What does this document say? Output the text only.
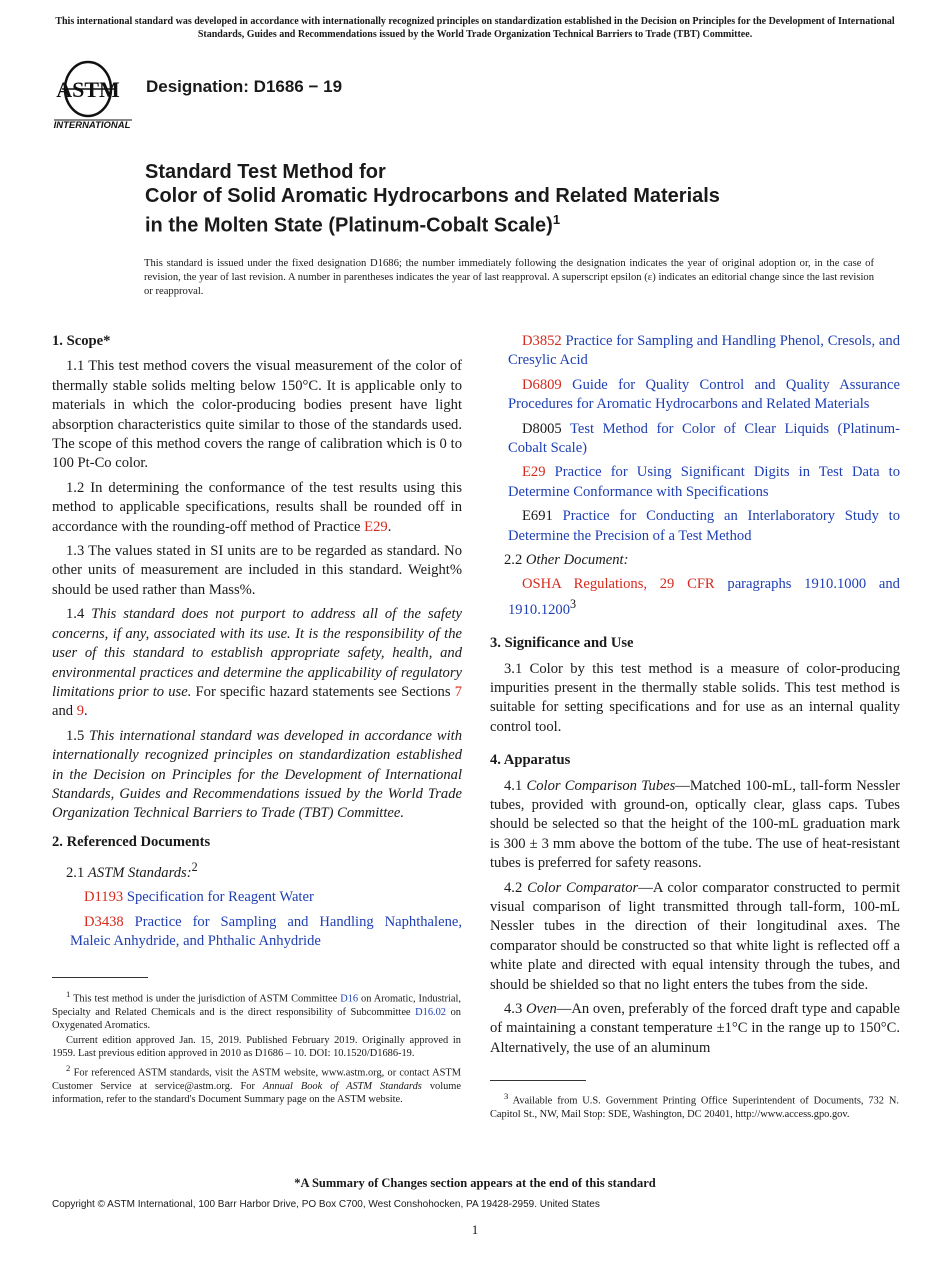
This international standard was developed in accordance with internationally recognized principles on standardization established in the Decision on Principles for the Development of International Standards, Guides and Recommendations issued by the World Trade Organization Technical Barriers to Trade (TBT) Committee.
ASTM
INTERNATIONAL
Designation: D1686 − 19
Standard Test Method for
Color of Solid Aromatic Hydrocarbons and Related Materials
in the Molten State (Platinum-Cobalt Scale)$^1$
This standard is issued under the fixed designation D1686; the number immediately following the designation indicates the year of original adoption or, in the case of revision, the year of last revision. A number in parentheses indicates the year of last reapproval. A superscript epsilon (ε) indicates an editorial change since the last revision or reapproval.
1. Scope*

1.1 This test method covers the visual measurement of the color of thermally stable solids melting below 150°C. It is applicable only to materials in which the color-producing bodies present have light absorption characteristics quite similar to those of the standards used. The scope of this method covers the range of calibration which is 0 to 100 Pt-Co color.

1.2 In determining the conformance of the test results using this method to applicable specifications, results shall be rounded off in accordance with the rounding-off method of Practice E29.

1.3 The values stated in SI units are to be regarded as standard. No other units of measurement are included in this standard. Weight% should be used rather than Mass%.

1.4 This standard does not purport to address all of the safety concerns, if any, associated with its use. It is the responsibility of the user of this standard to establish appropriate safety, health, and environmental practices and determine the applicability of regulatory limitations prior to use. For specific hazard statements see Sections 7 and 9.

1.5 This international standard was developed in accordance with internationally recognized principles on standardization established in the Decision on Principles for the Development of International Standards, Guides and Recommendations issued by the World Trade Organization Technical Barriers to Trade (TBT) Committee.

2. Referenced Documents

2.1 ASTM Standards:$^2$

D1193 Specification for Reagent Water

D3438 Practice for Sampling and Handling Naphthalene, Maleic Anhydride, and Phthalic Anhydride

$^1$ This test method is under the jurisdiction of ASTM Committee D16 on Aromatic, Industrial, Specialty and Related Chemicals and is the direct responsibility of Subcommittee D16.02 on Oxygenated Aromatics.

Current edition approved Jan. 15, 2019. Published February 2019. Originally approved in 1959. Last previous edition approved in 2010 as D1686 – 10. DOI: 10.1520/D1686-19.

$^2$ For referenced ASTM standards, visit the ASTM website, www.astm.org, or contact ASTM Customer Service at service@astm.org. For Annual Book of ASTM Standards volume information, refer to the standard's Document Summary page on the ASTM website.

D3852 Practice for Sampling and Handling Phenol, Cresols, and Cresylic Acid

D6809 Guide for Quality Control and Quality Assurance Procedures for Aromatic Hydrocarbons and Related Materials

D8005 Test Method for Color of Clear Liquids (Platinum-Cobalt Scale)

E29 Practice for Using Significant Digits in Test Data to Determine Conformance with Specifications

E691 Practice for Conducting an Interlaboratory Study to Determine the Precision of a Test Method

2.2 Other Document:

OSHA Regulations, 29 CFR paragraphs 1910.1000 and 1910.1200$^3$

3. Significance and Use

3.1 Color by this test method is a measure of color-producing impurities present in the thermally stable solids. This test method is suitable for setting specifications and for use as an internal quality control tool.

4. Apparatus

4.1 Color Comparison Tubes—Matched 100-mL, tall-form Nessler tubes, provided with ground-on, optically clear, glass caps. Tubes should be selected so that the height of the 100-mL graduation mark is 300 ± 3 mm above the bottom of the tube. The use of heat-resistant tubes is preferred for safety reasons.

4.2 Color Comparator—A color comparator constructed to permit visual comparison of light transmitted through tall-form, 100-mL Nessler tubes in the direction of their longitudinal axes. The comparator should be constructed so that white light is reflected off a white plate and directed with equal intensity through the tubes, and should be shielded so that no light enters the tubes from the side.

4.3 Oven—An oven, preferably of the forced draft type and capable of maintaining a constant temperature ±1°C in the range up to 150°C. Alternatively, the use of an aluminum

$^3$ Available from U.S. Government Printing Office Superintendent of Documents, 732 N. Capitol St., NW, Mail Stop: SDE, Washington, DC 20401, http://www.access.gpo.gov.

*A Summary of Changes section appears at the end of this standard
Copyright © ASTM International, 100 Barr Harbor Drive, PO Box C700, West Conshohocken, PA 19428-2959. United States
1
